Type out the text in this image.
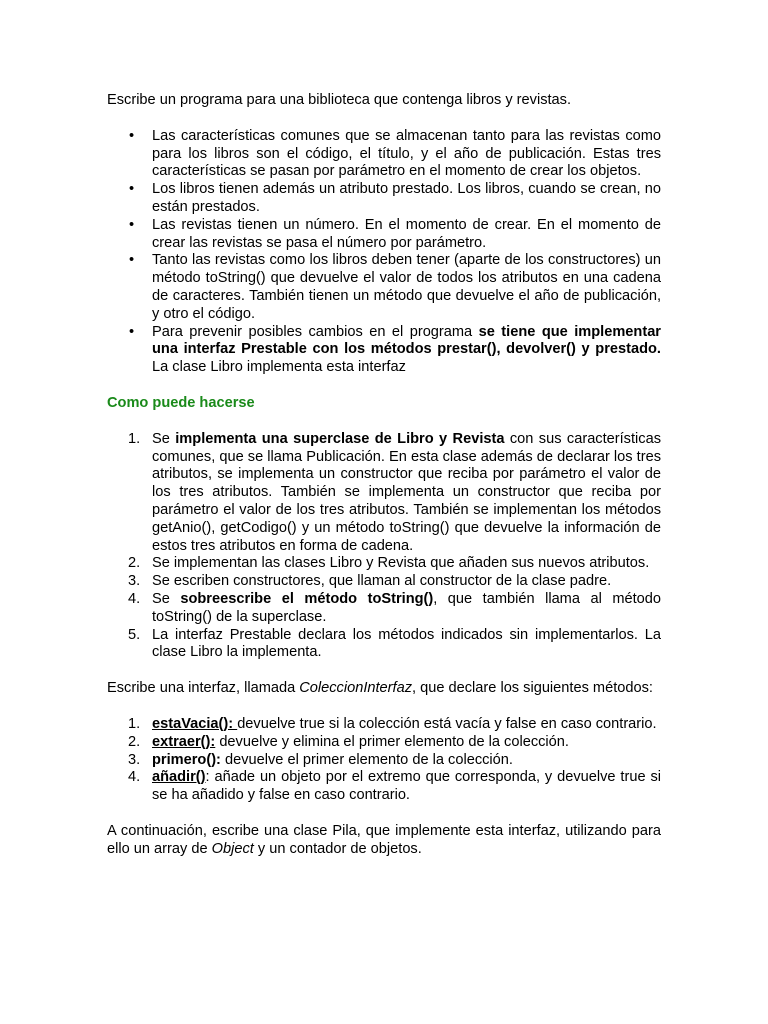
Escribe un programa para una biblioteca que contenga libros y revistas.

• Las características comunes que se almacenan tanto para las revistas como para los libros son el código, el título, y el año de publicación. Estas tres características se pasan por parámetro en el momento de crear los objetos.
• Los libros tienen además un atributo prestado. Los libros, cuando se crean, no están prestados.
• Las revistas tienen un número. En el momento de crear. En el momento de crear las revistas se pasa el número por parámetro.
• Tanto las revistas como los libros deben tener (aparte de los constructores) un método toString() que devuelve el valor de todos los atributos en una cadena de caracteres. También tienen un método que devuelve el año de publicación, y otro el código.
• Para prevenir posibles cambios en el programa se tiene que implementar una interfaz Prestable con los métodos prestar(), devolver() y prestado. La clase Libro implementa esta interfaz
Como puede hacerse
1. Se implementa una superclase de Libro y Revista con sus características comunes, que se llama Publicación. En esta clase además de declarar los tres atributos, se implementa un constructor que reciba por parámetro el valor de los tres atributos. También se implementa un constructor que reciba por parámetro el valor de los tres atributos. También se implementan los métodos getAnio(), getCodigo() y un método toString() que devuelve la información de estos tres atributos en forma de cadena.
2. Se implementan las clases Libro y Revista que añaden sus nuevos atributos.
3. Se escriben constructores, que llaman al constructor de la clase padre.
4. Se sobreescribe el método toString(), que también llama al método toString() de la superclase.
5. La interfaz Prestable declara los métodos indicados sin implementarlos. La clase Libro la implementa.

Escribe una interfaz, llamada ColeccionInterfaz, que declare los siguientes métodos:

1. estaVacia(): devuelve true si la colección está vacía y false en caso contrario.
2. extraer(): devuelve y elimina el primer elemento de la colección.
3. primero(): devuelve el primer elemento de la colección.
4. añadir(): añade un objeto por el extremo que corresponda, y devuelve true si se ha añadido y false en caso contrario.

A continuación, escribe una clase Pila, que implemente esta interfaz, utilizando para ello un array de Object y un contador de objetos.
